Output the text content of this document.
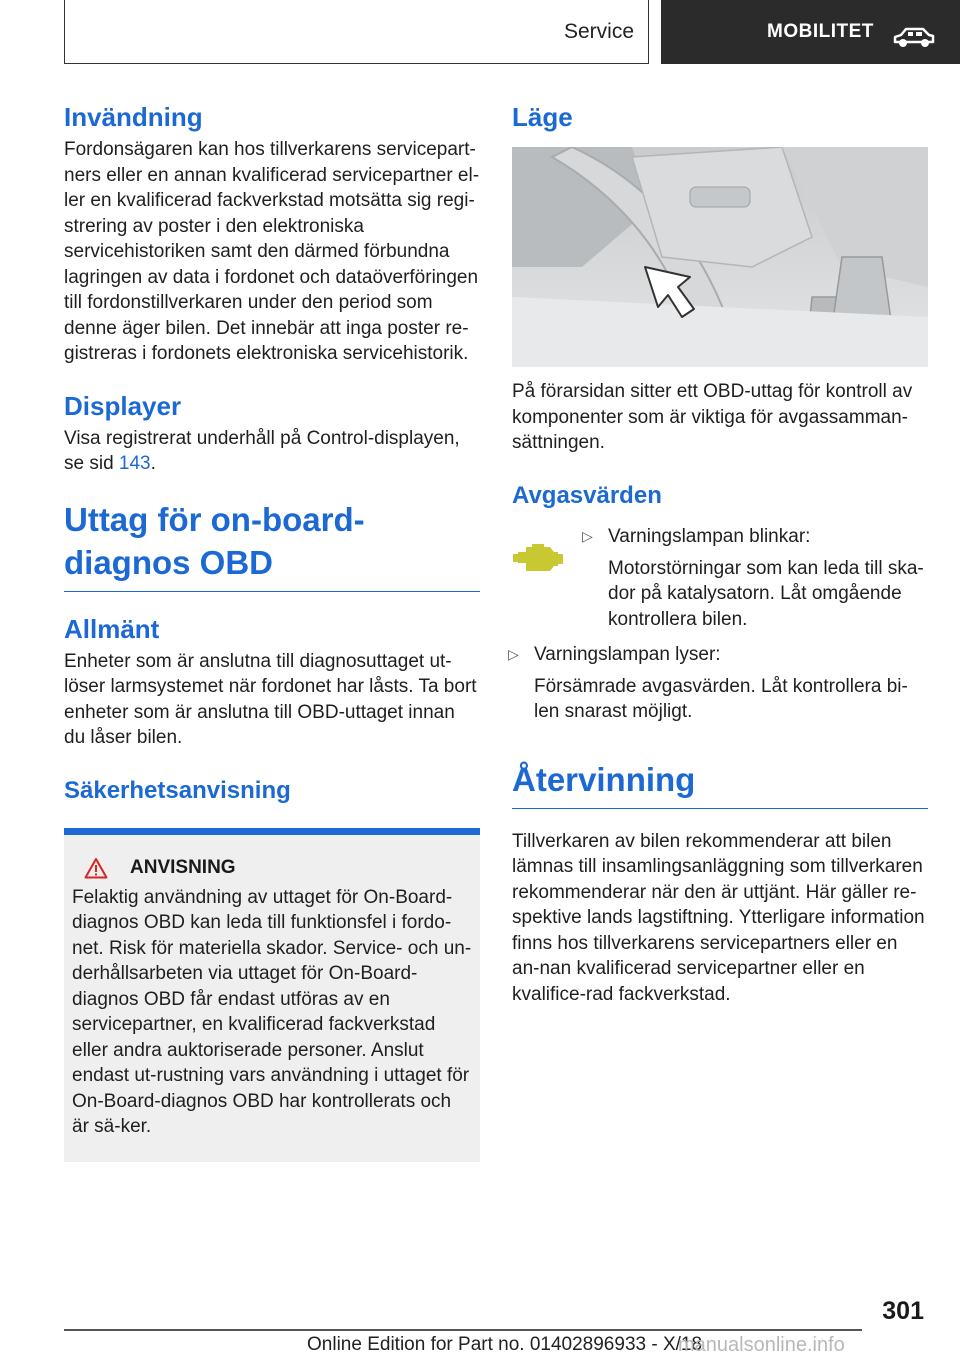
Service	MOBILITET
Invändning

Fordonsägaren kan hos tillverkarens servicepart-ners eller en annan kvalificerad servicepartner el-ler en kvalificerad fackverkstad motsätta sig regi-strering av poster i den elektroniska servicehistoriken samt den därmed förbundna lagringen av data i fordonet och dataöverföringen till fordonstillverkaren under den period som denne äger bilen. Det innebär att inga poster re-gistreras i fordonets elektroniska servicehistorik.

Displayer

Visa registrerat underhåll på Control-displayen, se sid 143.

Uttag för on-board-diagnos OBD
Allmänt

Enheter som är anslutna till diagnosuttaget ut-löser larmsystemet när fordonet har låsts. Ta bort enheter som är anslutna till OBD-uttaget innan du låser bilen.

Säkerhetsanvisning
ANVISNING

Felaktig användning av uttaget för On-Board-diagnos OBD kan leda till funktionsfel i fordo-net. Risk för materiella skador. Service- och un-derhållsarbeten via uttaget för On-Board-diagnos OBD får endast utföras av en servicepartner, en kvalificerad fackverkstad eller andra auktoriserade personer. Anslut endast ut-rustning vars användning i uttaget för On-Board-diagnos OBD har kontrollerats och är sä-ker.

Läge

På förarsidan sitter ett OBD-uttag för kontroll av komponenter som är viktiga för avgassamman-sättningen.

Avgasvärden
▷ Varningslampan blinkar:

Motorstörningar som kan leda till ska-dor på katalysatorn. Låt omgående kontrollera bilen.

▷ Varningslampan lyser:

Försämrade avgasvärden. Låt kontrollera bi-len snarast möjligt.

Återvinning

Tillverkaren av bilen rekommenderar att bilen lämnas till insamlingsanläggning som tillverkaren rekommenderar när den är uttjänt. Här gäller re-spektive lands lagstiftning. Ytterligare information finns hos tillverkarens servicepartners eller en an-nan kvalificerad servicepartner eller en kvalifice-rad fackverkstad.

301
Online Edition for Part no. 01402896933 - X/18
manualsonline.info
